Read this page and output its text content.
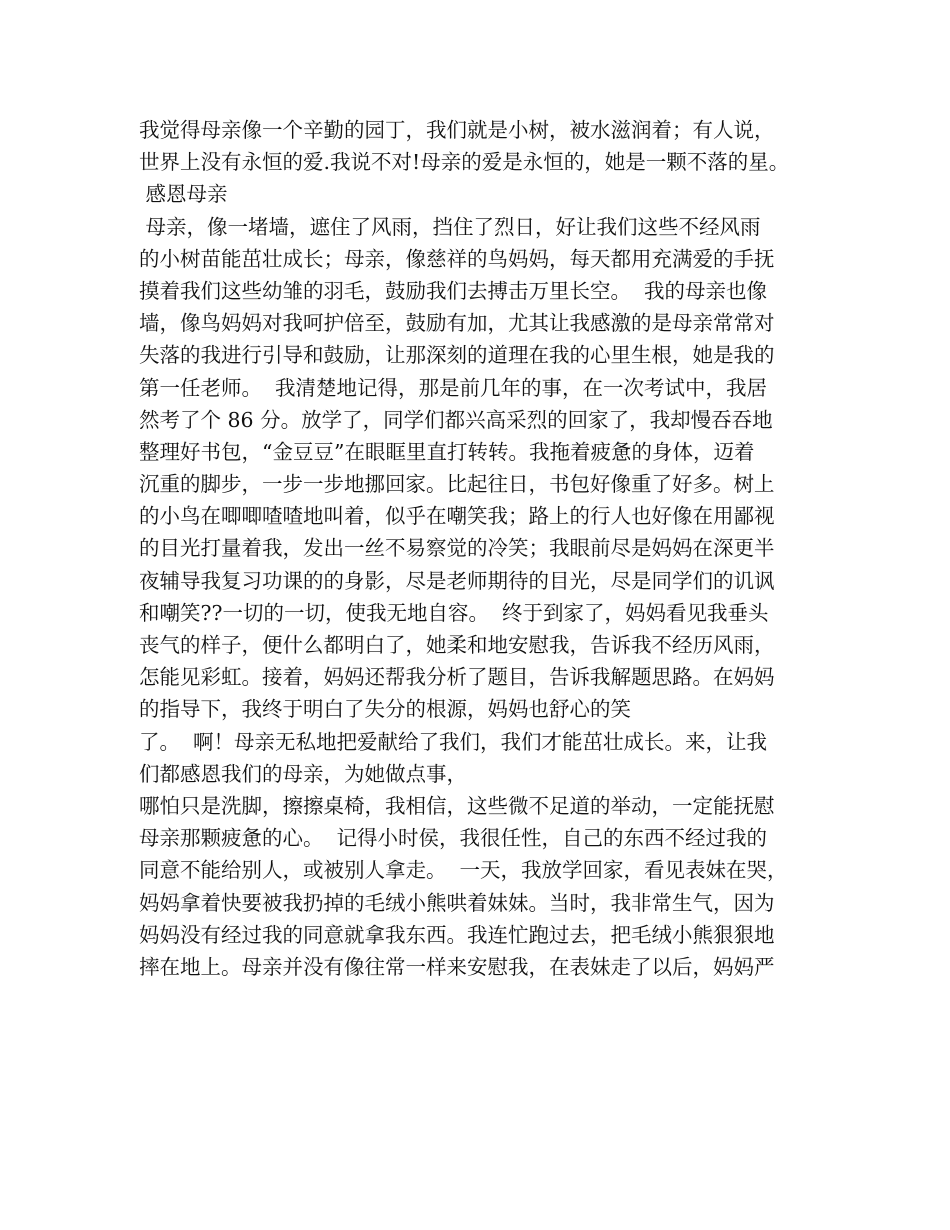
我觉得母亲像一个辛勤的园丁，我们就是小树，被水滋润着；有人说，
世界上没有永恒的爱.我说不对!母亲的爱是永恒的，她是一颗不落的星。
感恩母亲
母亲，像一堵墙，遮住了风雨，挡住了烈日，好让我们这些不经风雨
的小树苗能茁壮成长；母亲，像慈祥的鸟妈妈，每天都用充满爱的手抚
摸着我们这些幼雏的羽毛，鼓励我们去搏击万里长空。  我的母亲也像
墙，像鸟妈妈对我呵护倍至，鼓励有加，尤其让我感激的是母亲常常对
失落的我进行引导和鼓励，让那深刻的道理在我的心里生根，她是我的
第一任老师。  我清楚地记得，那是前几年的事，在一次考试中，我居
然考了个 86 分。放学了，同学们都兴高采烈的回家了，我却慢吞吞地
整理好书包，“金豆豆”在眼眶里直打转转。我拖着疲惫的身体，迈着
沉重的脚步，一步一步地挪回家。比起往日，书包好像重了好多。树上
的小鸟在唧唧喳喳地叫着，似乎在嘲笑我；路上的行人也好像在用鄙视
的目光打量着我，发出一丝不易察觉的冷笑；我眼前尽是妈妈在深更半
夜辅导我复习功课的的身影，尽是老师期待的目光，尽是同学们的讥讽
和嘲笑??一切的一切，使我无地自容。  终于到家了，妈妈看见我垂头
丧气的样子，便什么都明白了，她柔和地安慰我，告诉我不经历风雨，
怎能见彩虹。接着，妈妈还帮我分析了题目，告诉我解题思路。在妈妈
的指导下，我终于明白了失分的根源，妈妈也舒心的笑
了。  啊！母亲无私地把爱献给了我们，我们才能茁壮成长。来，让我
们都感恩我们的母亲，为她做点事，
哪怕只是洗脚，擦擦桌椅，我相信，这些微不足道的举动，一定能抚慰
母亲那颗疲惫的心。  记得小时侯，我很任性，自己的东西不经过我的
同意不能给别人，或被别人拿走。  一天，我放学回家，看见表妹在哭，
妈妈拿着快要被我扔掉的毛绒小熊哄着妹妹。当时，我非常生气，因为
妈妈没有经过我的同意就拿我东西。我连忙跑过去，把毛绒小熊狠狠地
摔在地上。母亲并没有像往常一样来安慰我，在表妹走了以后，妈妈严
